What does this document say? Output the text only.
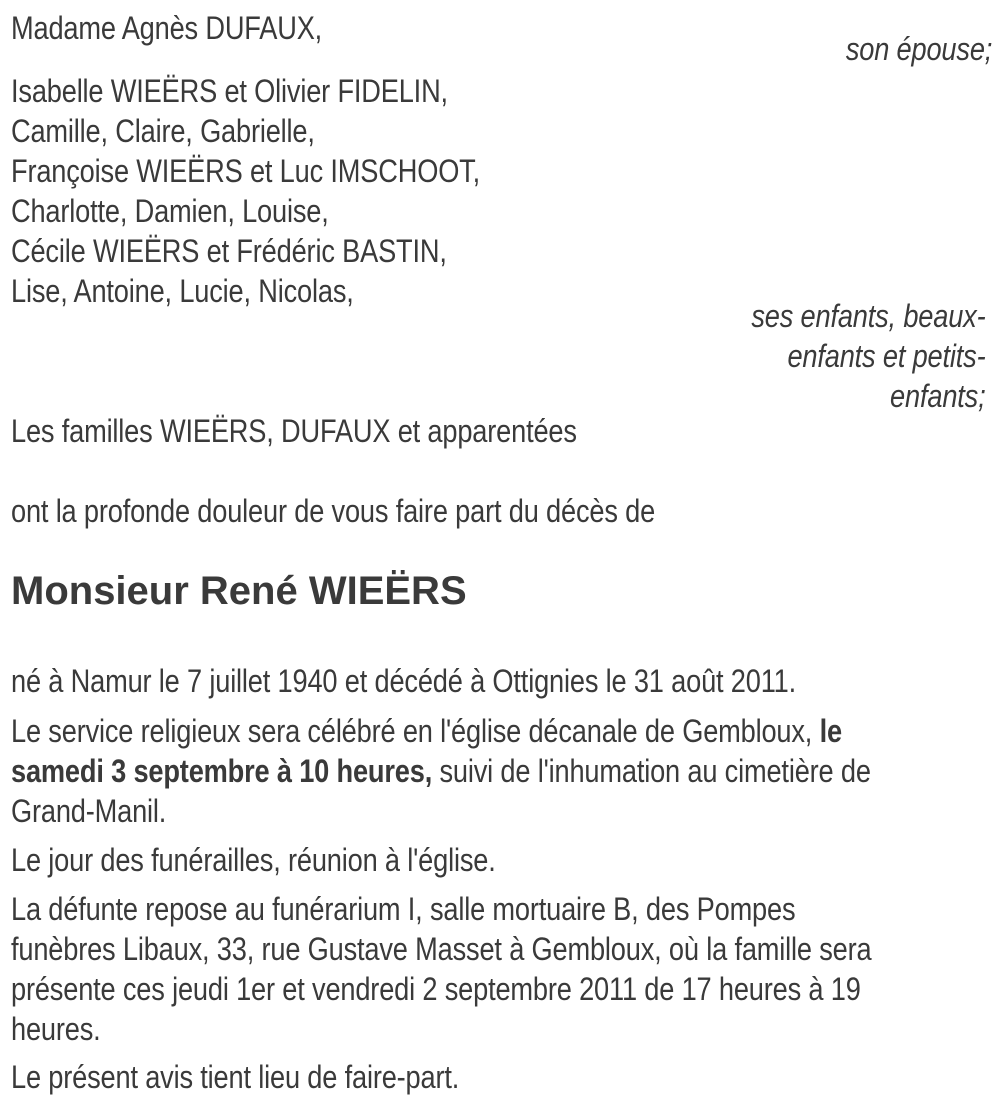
Madame Agnès DUFAUX,
son épouse;
Isabelle WIEËRS et Olivier FIDELIN,
Camille, Claire, Gabrielle,
Françoise WIEËRS et Luc IMSCHOOT,
Charlotte, Damien, Louise,
Cécile WIEËRS et Frédéric BASTIN,
Lise, Antoine, Lucie, Nicolas,
ses enfants, beaux-
enfants et petits-
enfants;
Les familles WIEËRS, DUFAUX et apparentées
ont la profonde douleur de vous faire part du décès de
Monsieur René WIEËRS
né à Namur le 7 juillet 1940 et décédé à Ottignies le 31 août 2011.
Le service religieux sera célébré en l'église décanale de Gembloux, le
samedi 3 septembre à 10 heures, suivi de l'inhumation au cimetière de
Grand-Manil.
Le jour des funérailles, réunion à l'église.
La défunte repose au funérarium I, salle mortuaire B, des Pompes
funèbres Libaux, 33, rue Gustave Masset à Gembloux, où la famille sera
présente ces jeudi 1er et vendredi 2 septembre 2011 de 17 heures à 19
heures.
Le présent avis tient lieu de faire-part.
